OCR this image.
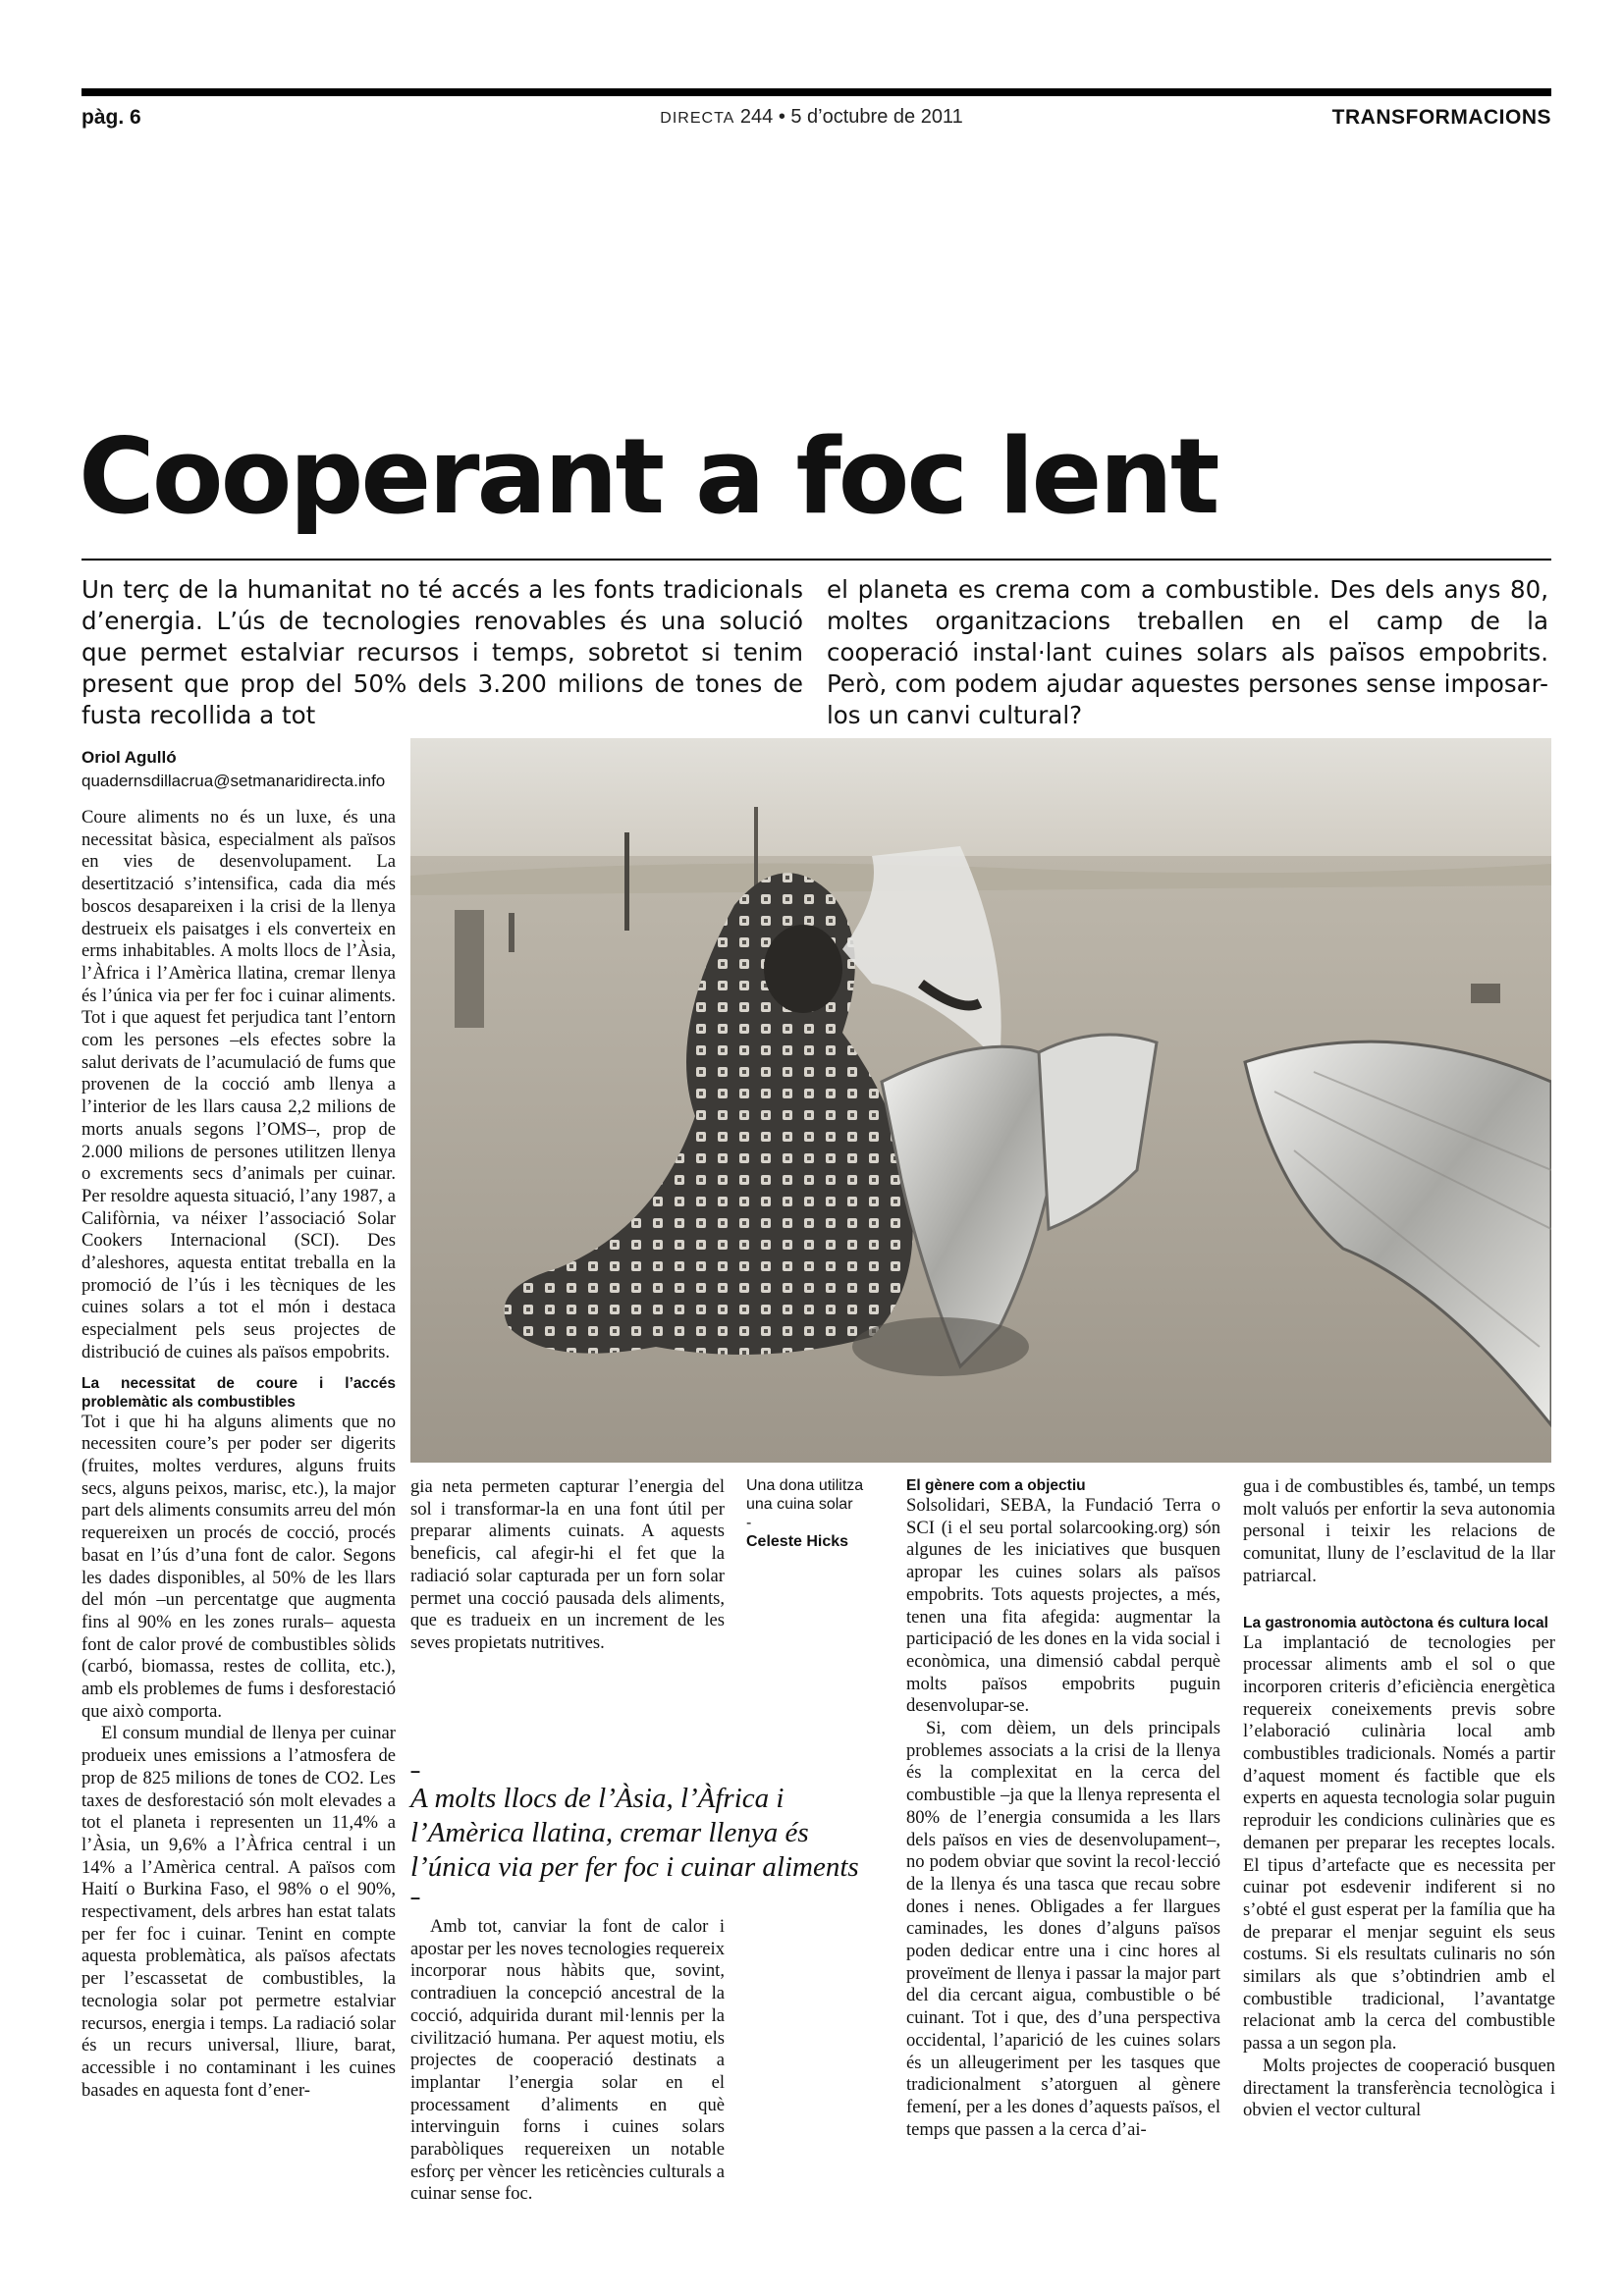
pàg. 6	DIRECTA 244 • 5 d’octubre de 2011	TRANSFORMACIONS
Cooperant a foc lent
Un terç de la humanitat no té accés a les fonts tradicionals d’energia. L’ús de tecnologies renovables és una solució que permet estalviar recursos i temps, sobretot si tenim present que prop del 50% dels 3.200 milions de tones de fusta recollida a tot
el planeta es crema com a combustible. Des dels anys 80, moltes organitzacions treballen en el camp de la cooperació instal·lant cuines solars als països empobrits. Però, com podem ajudar aquestes persones sense imposar-los un canvi cultural?
Oriol Agulló
quadernsdillacrua@setmanaridirecta.info

Coure aliments no és un luxe, és una necessitat bàsica, especialment als països en vies de desenvolupament. La desertització s’intensifica, cada dia més boscos desapareixen i la crisi de la llenya destrueix els paisatges i els converteix en erms inhabitables. A molts llocs de l’Àsia, l’Àfrica i l’Amèrica llatina, cremar llenya és l’única via per fer foc i cuinar aliments. Tot i que aquest fet perjudica tant l’entorn com les persones –els efectes sobre la salut derivats de l’acumulació de fums que provenen de la cocció amb llenya a l’interior de les llars causa 2,2 milions de morts anuals segons l’OMS–, prop de 2.000 milions de persones utilitzen llenya o excrements secs d’animals per cuinar. Per resoldre aquesta situació, l’any 1987, a Califòrnia, va néixer l’associació Solar Cookers Internacional (SCI). Des d’aleshores, aquesta entitat treballa en la promoció de l’ús i les tècniques de les cuines solars a tot el món i destaca especialment pels seus projectes de distribució de cuines als països empobrits.

La necessitat de coure i l’accés problemàtic als combustibles

Tot i que hi ha alguns aliments que no necessiten coure’s per poder ser digerits (fruites, moltes verdures, alguns fruits secs, alguns peixos, marisc, etc.), la major part dels aliments consumits arreu del món requereixen un procés de cocció, procés basat en l’ús d’una font de calor. Segons les dades disponibles, al 50% de les llars del món –un percentatge que augmenta fins al 90% en les zones rurals– aquesta font de calor prové de combustibles sòlids (carbó, biomassa, restes de collita, etc.), amb els problemes de fums i desforestació que això comporta.

El consum mundial de llenya per cuinar produeix unes emissions a l’atmosfera de prop de 825 milions de tones de CO2. Les taxes de desforestació són molt elevades a tot el planeta i representen un 11,4% a l’Àsia, un 9,6% a l’Àfrica central i un 14% a l’Amèrica central. A països com Haití o Burkina Faso, el 98% o el 90%, respectivament, dels arbres han estat talats per fer foc i cuinar. Tenint en compte aquesta problemàtica, als països afectats per l’escassetat de combustibles, la tecnologia solar pot permetre estalviar recursos, energia i temps. La radiació solar és un recurs universal, lliure, barat, accessible i no contaminant i les cuines basades en aquesta font d’ener-

Una dona utilitza una cuina solar
-
Celeste Hicks

gia neta permeten capturar l’energia del sol i transformar-la en una font útil per preparar aliments cuinats. A aquests beneficis, cal afegir-hi el fet que la radiació solar capturada per un forn solar permet una cocció pausada dels aliments, que es tradueix en un increment de les seves propietats nutritives.

–
A molts llocs de l’Àsia, l’Àfrica i l’Amèrica llatina, cremar llenya és l’única via per fer foc i cuinar aliments
–

Amb tot, canviar la font de calor i apostar per les noves tecnologies requereix incorporar nous hàbits que, sovint, contradiuen la concepció ancestral de la cocció, adquirida durant mil·lennis per la civilització humana. Per aquest motiu, els projectes de cooperació destinats a implantar l’energia solar en el processament d’aliments en què intervinguin forns i cuines solars parabòliques requereixen un notable esforç per vèncer les reticències culturals a cuinar sense foc.

El gènere com a objectiu

Solsolidari, SEBA, la Fundació Terra o SCI (i el seu portal solarcooking.org) són algunes de les iniciatives que busquen apropar les cuines solars als països empobrits. Tots aquests projectes, a més, tenen una fita afegida: augmentar la participació de les dones en la vida social i econòmica, una dimensió cabdal perquè molts països empobrits puguin desenvolupar-se.

Si, com dèiem, un dels principals problemes associats a la crisi de la llenya és la complexitat en la cerca del combustible –ja que la llenya representa el 80% de l’energia consumida a les llars dels països en vies de desenvolupament–, no podem obviar que sovint la recol·lecció de la llenya és una tasca que recau sobre dones i nenes. Obligades a fer llargues caminades, les dones d’alguns països poden dedicar entre una i cinc hores al proveïment de llenya i passar la major part del dia cercant aigua, combustible o bé cuinant. Tot i que, des d’una perspectiva occidental, l’aparició de les cuines solars és un alleugeriment per les tasques que tradicionalment s’atorguen al gènere femení, per a les dones d’aquests països, el temps que passen a la cerca d’ai-

gua i de combustibles és, també, un temps molt valuós per enfortir la seva autonomia personal i teixir les relacions de comunitat, lluny de l’esclavitud de la llar patriarcal.

La gastronomia autòctona és cultura local

La implantació de tecnologies per processar aliments amb el sol o que incorporen criteris d’eficiència energètica requereix coneixements previs sobre l’elaboració culinària local amb combustibles tradicionals. Només a partir d’aquest moment és factible que els experts en aquesta tecnologia solar puguin reproduir les condicions culinàries que es demanen per preparar les receptes locals. El tipus d’artefacte que es necessita per cuinar pot esdevenir indiferent si no s’obté el gust esperat per la família que ha de preparar el menjar seguint els seus costums. Si els resultats culinaris no són similars als que s’obtindrien amb el combustible tradicional, l’avantatge relacionat amb la cerca del combustible passa a un segon pla.

Molts projectes de cooperació busquen directament la transferència tecnològica i obvien el vector cultural
